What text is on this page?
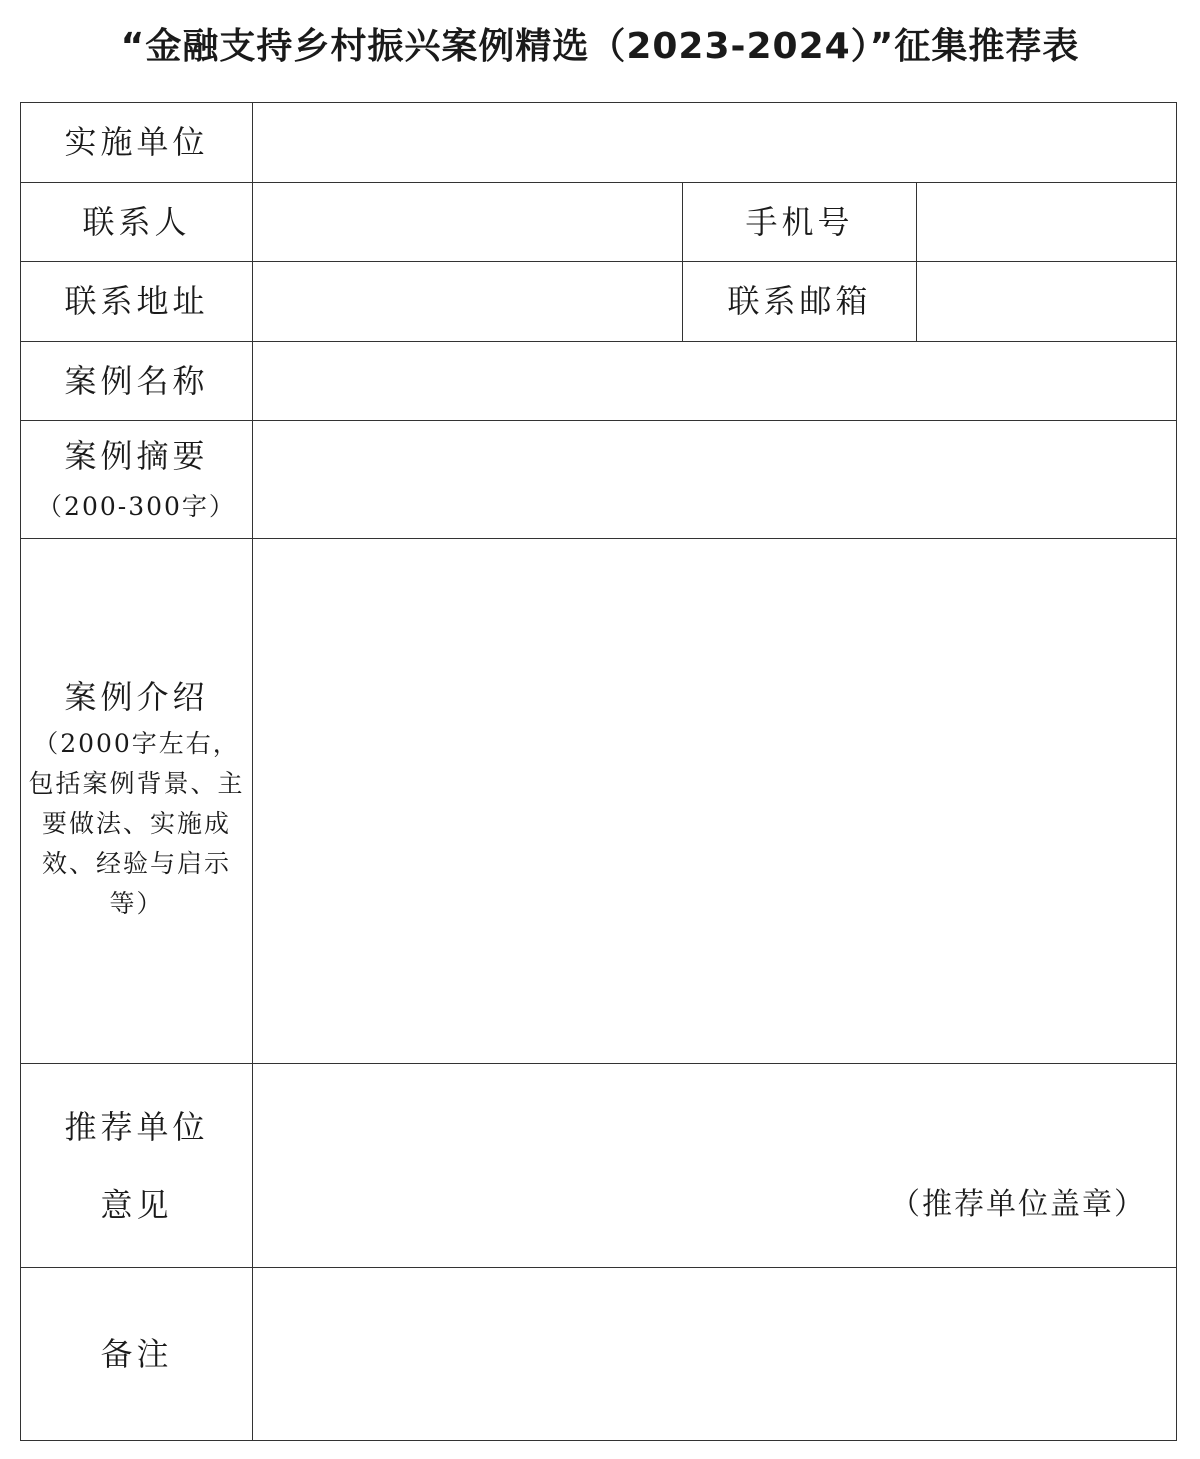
“金融支持乡村振兴案例精选（2023-2024）”征集推荐表
实施单位			
联系人		手机号	
联系地址		联系邮箱	
案例名称			
案例摘要
（200-300字）			

案例介绍
（2000字左右，包括案例背景、主要做法、实施成效、经验与启示等）			

推荐单位
意见	（推荐单位盖章）		

备注			
